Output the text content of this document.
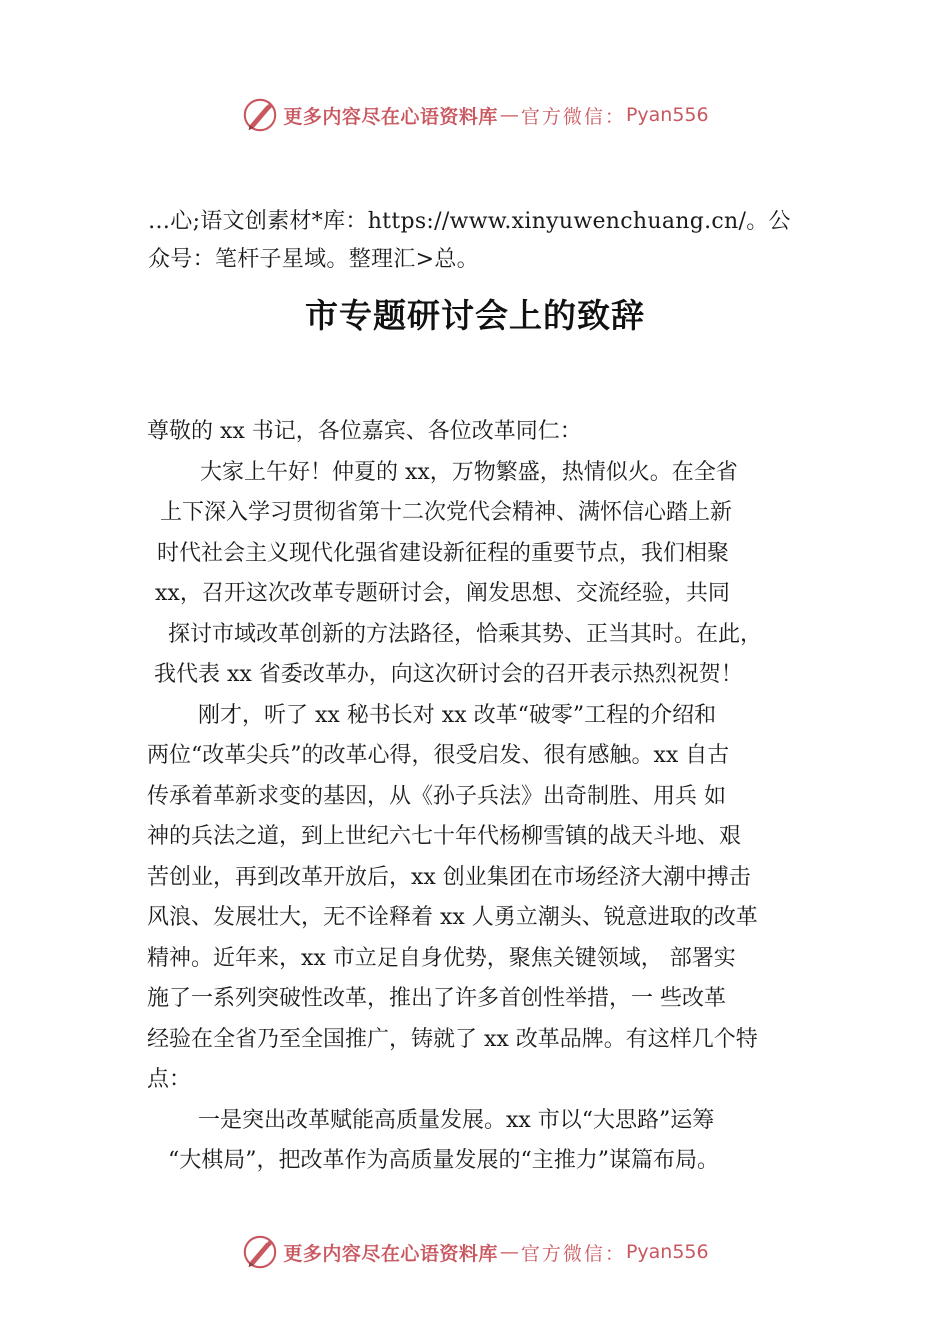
更多内容尽在心语资料库 — 官方微信： Pyan556
…心;语文创素材*库：https://www.xinyuwenchuang.cn/。公
众号：笔杆子星域。整理汇>总。
市专题研讨会上的致辞
尊敬的 xx 书记，各位嘉宾、各位改革同仁：
大家上午好！仲夏的 xx，万物繁盛，热情似火。在全省
上下深入学习贯彻省第十二次党代会精神、满怀信心踏上新
时代社会主义现代化强省建设新征程的重要节点，我们相聚
xx，召开这次改革专题研讨会，阐发思想、交流经验，共同
探讨市域改革创新的方法路径，恰乘其势、正当其时。在此，
我代表 xx 省委改革办，向这次研讨会的召开表示热烈祝贺！
刚才，听了 xx 秘书长对 xx 改革“破零”工程的介绍和
两位“改革尖兵”的改革心得，很受启发、很有感触。xx 自古
传承着革新求变的基因，从《孙子兵法》出奇制胜、用兵 如
神的兵法之道，到上世纪六七十年代杨柳雪镇的战天斗地、艰
苦创业，再到改革开放后，xx 创业集团在市场经济大潮中搏击
风浪、发展壮大，无不诠释着 xx 人勇立潮头、锐意进取的改革
精神。近年来，xx 市立足自身优势，聚焦关键领域， 部署实
施了一系列突破性改革，推出了许多首创性举措，一 些改革
经验在全省乃至全国推广，铸就了 xx 改革品牌。有这样几个特
点：
一是突出改革赋能高质量发展。xx 市以“大思路”运筹
“大棋局”，把改革作为高质量发展的“主推力”谋篇布局。
更多内容尽在心语资料库 — 官方微信： Pyan556
